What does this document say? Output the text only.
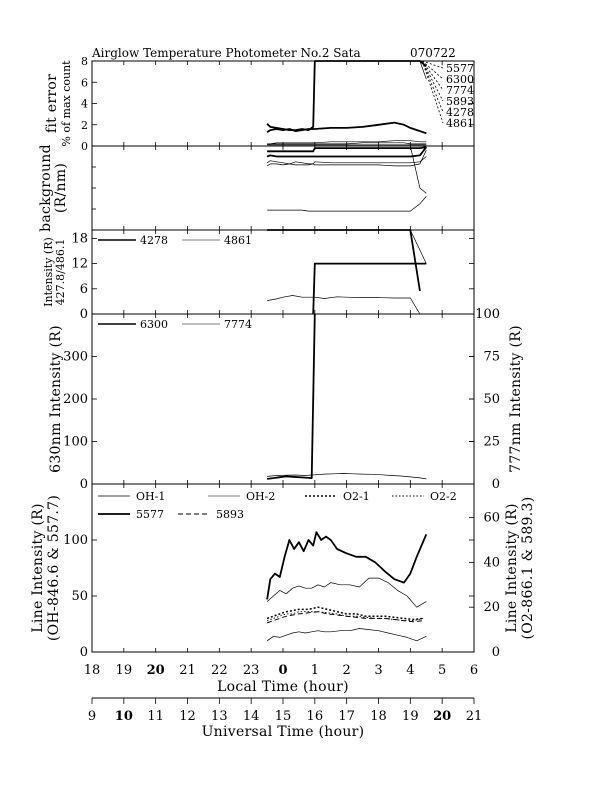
Airglow Temperature Photometer No.2 Sata	070722
0
2
4
6
8
fit error % of max count	5577
6300
7774
5893
4278
4861
background (R/nm)
0
6
12
18
Intensity (R) 427.8/486.1	4278	4861
0
100
200
300
0
25
50
75
100
630nm Intensity (R)	777nm Intensity (R)
6300	7774
0
50
100
0
20
40
60
Line Intensity (R) (OH-846.6 & 557.7)	Line Intensity (R) (O2-866.1 & 589.3)
OH-1	OH-2	O2-1	O2-2
5577	5893
Local Time (hour)
Universal Time (hour)
18 19 20 21 22 23 0 1 2 3 4 5 6
9 10 11 12 13 14 15 16 17 18 19 20 21
